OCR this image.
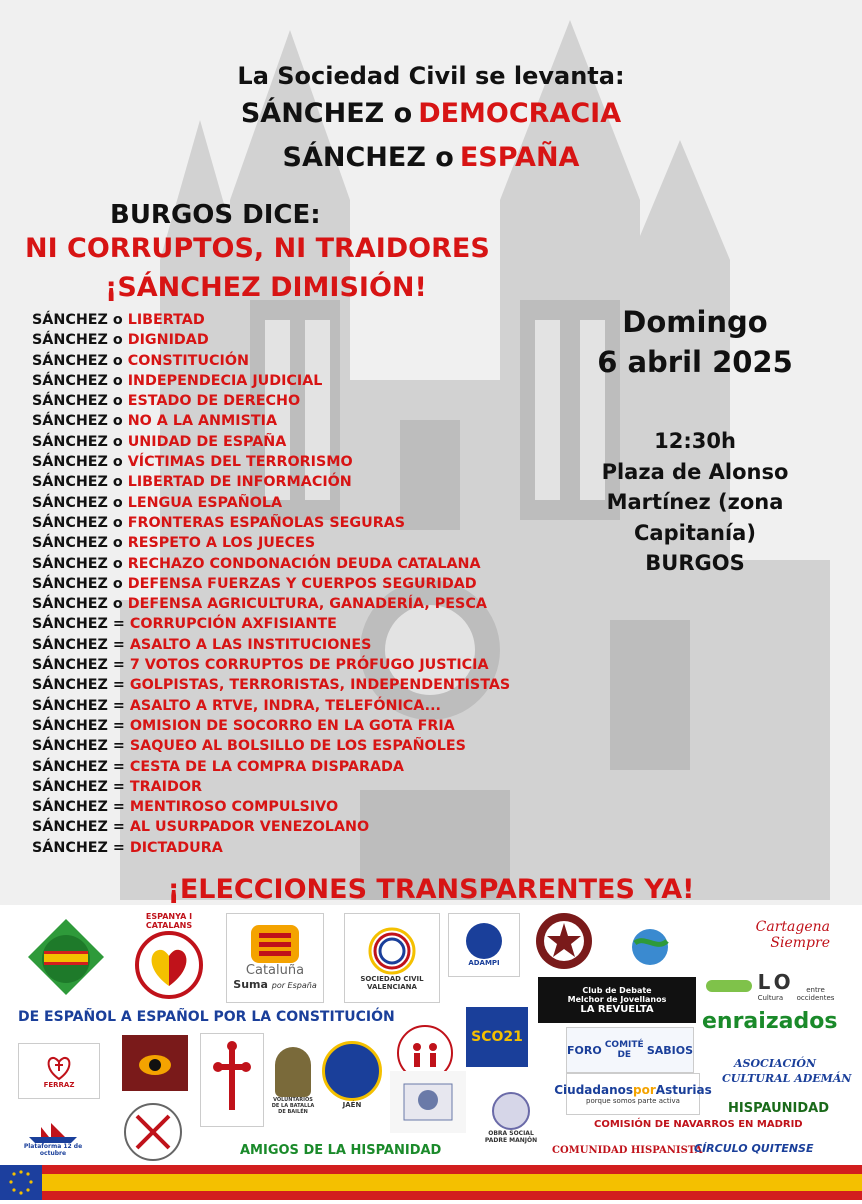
La Sociedad Civil se levanta:
SÁNCHEZ o DEMOCRACIA
SÁNCHEZ o ESPAÑA
BURGOS DICE:
NI CORRUPTOS, NI TRAIDORES
¡SÁNCHEZ DIMISIÓN!
SÁNCHEZ o LIBERTAD
SÁNCHEZ o DIGNIDAD
SÁNCHEZ o CONSTITUCIÓN
SÁNCHEZ o INDEPENDECIA JUDICIAL
SÁNCHEZ o ESTADO DE DERECHO
SÁNCHEZ o NO A LA ANMISTIA
SÁNCHEZ o UNIDAD DE ESPAÑA
SÁNCHEZ o VÍCTIMAS DEL TERRORISMO
SÁNCHEZ o LIBERTAD DE INFORMACIÓN
SÁNCHEZ o LENGUA ESPAÑOLA
SÁNCHEZ o FRONTERAS ESPAÑOLAS SEGURAS
SÁNCHEZ o RESPETO A LOS JUECES
SÁNCHEZ o RECHAZO CONDONACIÓN DEUDA CATALANA
SÁNCHEZ o DEFENSA FUERZAS Y CUERPOS SEGURIDAD
SÁNCHEZ o DEFENSA AGRICULTURA, GANADERÍA, PESCA
SÁNCHEZ = CORRUPCIÓN AXFISIANTE
SÁNCHEZ = ASALTO A LAS INSTITUCIONES
SÁNCHEZ = 7 VOTOS CORRUPTOS DE PRÓFUGO JUSTICIA
SÁNCHEZ = GOLPISTAS, TERRORISTAS, INDEPENDENTISTAS
SÁNCHEZ = ASALTO A RTVE, INDRA, TELEFÓNICA...
SÁNCHEZ = OMISION DE SOCORRO EN LA GOTA FRIA
SÁNCHEZ = SAQUEO AL BOLSILLO DE LOS ESPAÑOLES
SÁNCHEZ = CESTA DE LA COMPRA DISPARADA
SÁNCHEZ = TRAIDOR
SÁNCHEZ = MENTIROSO COMPULSIVO
SÁNCHEZ = AL USURPADOR VENEZOLANO
SÁNCHEZ = DICTADURA
Domingo
6 abril 2025
12:30h
Plaza de Alonso
Martínez (zona
Capitanía)
BURGOS
¡ELECCIONES TRANSPARENTES YA!
ESPANYA I CATALANS
Cataluña
Suma por España
SOCIEDAD CIVIL VALENCIANA
ADAMPI
Cartagena
Siempre
DE ESPAÑOL A ESPAÑOL POR LA CONSTITUCIÓN
Club de Debate
Melchor de Jovellanos
LA REVUELTA
LO
Cultura
entre
occidentes
enraizados
FERRAZ
VOLUNTARIOS DE LA BATALLA DE BAILÉN
JAÉN
SCO21
FORO COMITÉ DE	SABIOS
ASOCIACIÓN
CULTURAL ADEMÁN
OBRA SOCIAL
PADRE MANJÓN
CiudadanosporAsturias
porque somos parte activa	HISPAUNIDAD
Plataforma 12 de octubre	AMIGOS DE LA HISPANIDAD
COMISIÓN DE NAVARROS EN MADRID
COMUNIDAD HISPANISTA
CÍRCULO QUITENSE
